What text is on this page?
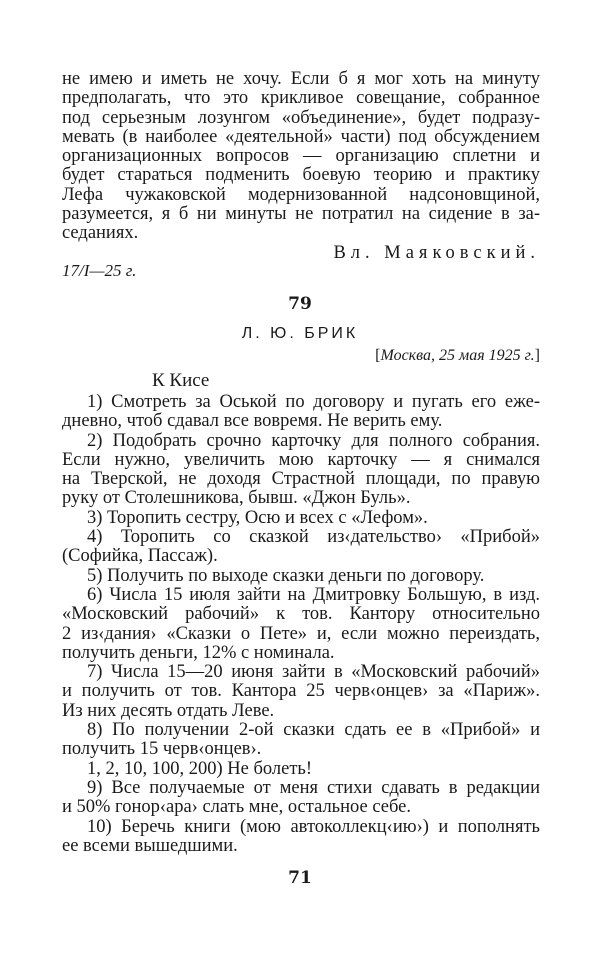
не имею и иметь не хочу. Если б я мог хоть на минуту
предполагать, что это крикливое совещание, собранное
под серьезным лозунгом «объединение», будет подразу-
мевать (в наиболее «деятельной» части) под обсуждением
организационных вопросов — организацию сплетни и
будет стараться подменить боевую теорию и практику
Лефа чужаковской модернизованной надсоновщиной,
разумеется, я б ни минуты не потратил на сидение в за-
седаниях.
Вл. Маяковский.
17/I—25 г.
79
Л. Ю. БРИК
[Москва, 25 мая 1925 г.]
К Кисе
1) Смотреть за Оськой по договору и пугать его еже-
дневно, чтоб сдавал все вовремя. Не верить ему.
2) Подобрать срочно карточку для полного собрания.
Если нужно, увеличить мою карточку — я снимался
на Тверской, не доходя Страстной площади, по правую
руку от Столешникова, бывш. «Джон Буль».
3) Торопить сестру, Осю и всех с «Лефом».
4) Торопить со сказкой из‹дательство› «Прибой»
(Софийка, Пассаж).
5) Получить по выходе сказки деньги по договору.
6) Числа 15 июля зайти на Дмитровку Большую, в изд.
«Московский рабочий» к тов. Кантору относительно
2 из‹дания› «Сказки о Пете» и, если можно переиздать,
получить деньги, 12% с номинала.
7) Числа 15—20 июня зайти в «Московский рабочий»
и получить от тов. Кантора 25 черв‹онцев› за «Париж».
Из них десять отдать Леве.
8) По получении 2-ой сказки сдать ее в «Прибой» и
получить 15 черв‹онцев›.
1, 2, 10, 100, 200) Не болеть!
9) Все получаемые от меня стихи сдавать в редакции
и 50% гонор‹ара› слать мне, остальное себе.
10) Беречь книги (мою автоколлекц‹ию›) и пополнять
ее всеми вышедшими.
71
